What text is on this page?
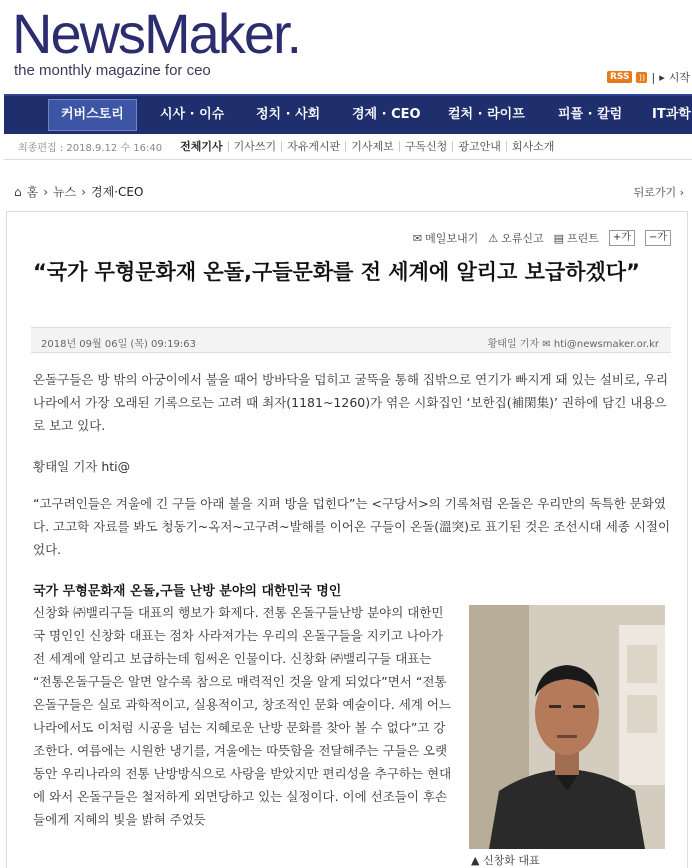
NewsMaker.
the monthly magazine for ceo	RSS	)) | ▸ 시작
커버스토리	시사 · 이슈 정치 · 사회 경제 · CEO 컬처 · 라이프	피플 · 칼럼 IT과학
최종편집 : 2018.9.12 수 16:40 전체기사	기사쓰기	자유게시판	기사제보	구독신청	광고안내	회사소개
⌂ 홈 › 뉴스 › 경제·CEO	뒤로가기 ›
✉ 메일보내기 ⚠ 오류신고 ▤ 프린트	+가	−가
“국가 무형문화재 온돌,구들문화를 전 세계에 알리고 보급하겠다”
2018년 09월 06일 (목) 09:19:63	황태일 기자 ✉ hti@newsmaker.or.kr
온돌구들은 방 밖의 아궁이에서 불을 때어 방바닥을 덥히고 굴뚝을 통해 집밖으로 연기가 빠지게 돼 있는 설비로, 우리나라에서 가장 오래된 기록으로는 고려 때 최자(1181~1260)가 엮은 시화집인 ‘보한집(補閑集)’ 권하에 담긴 내용으로 보고 있다.
황태일 기자 hti@
“고구려인들은 겨울에 긴 구들 아래 불을 지펴 방을 덥힌다”는 <구당서>의 기록처럼 온돌은 우리만의 독특한 문화였다. 고고학 자료를 봐도 청동기~옥저~고구려~발해를 이어온 구들이 온돌(溫突)로 표기된 것은 조선시대 세종 시절이었다.
국가 무형문화재 온돌,구들 난방 분야의 대한민국 명인
신창화 ㈜밸리구들 대표의 행보가 화제다. 전통 온돌구들난방 분야의 대한민국 명인인 신창화 대표는 점차 사라져가는 우리의 온돌구들을 지키고 나아가 전 세계에 알리고 보급하는데 힘써온 인물이다. 신창화 ㈜밸리구들 대표는 “전통온돌구들은 알면 알수록 참으로 매력적인 것을 알게 되었다”면서 “전통 온돌구들은 실로 과학적이고, 실용적이고, 창조적인 문화 예술이다. 세계 어느 나라에서도 이처럼 시공을 넘는 지혜로운 난방 문화를 찾아 볼 수 없다”고 강조한다. 여름에는 시원한 냉기를, 겨울에는 따뜻함을 전달해주는 구들은 오랫동안 우리나라의 전통 난방방식으로 사랑을 받았지만 편리성을 추구하는 현대에 와서 온돌구들은 철저하게 외면당하고 있는 실정이다. 이에 선조들이 후손들에게 지혜의 빛을 밝혀 주었듯
▲ 신창화 대표
